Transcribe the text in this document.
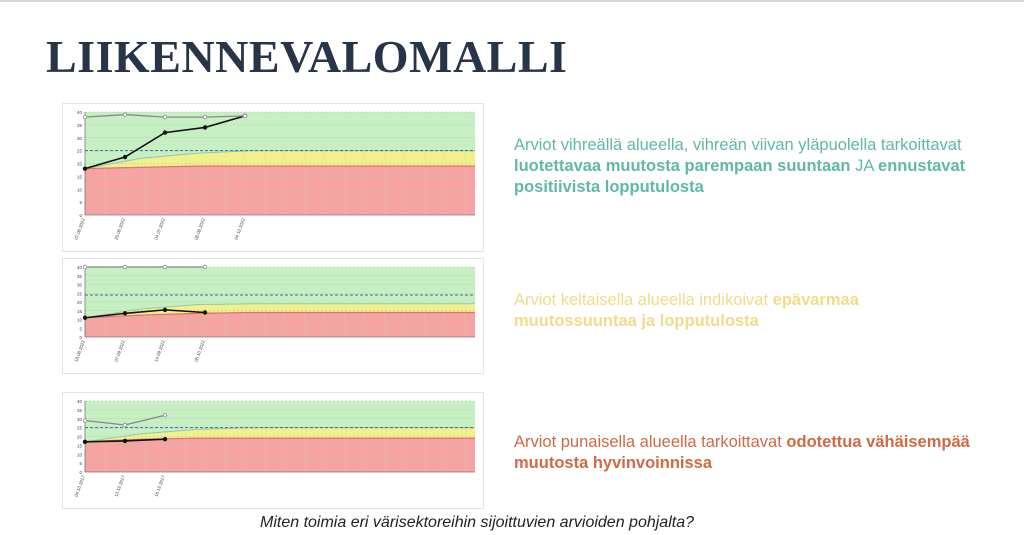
LIIKENNEVALOMALLI
0
5
10
15
20
25
30
35
40
07.06.2022	20.06.2022	04.07.2022	08.08.2022	04.10.2022
0
5
10
15
20
25
30
35
40
18.08.2022	07.09.2022	14.09.2022	05.10.2022
0
5
10
15
20
25
30
35
40
04.10.2017	13.12.2017	16.12.2017

Arviot vihreällä alueella, vihreän viivan yläpuolella tarkoittavat luotettavaa muutosta parempaan suuntaan JA ennustavat positiivista lopputulosta

Arviot keltaisella alueella indikoivat epävarmaa muutossuuntaa ja lopputulosta

Arviot punaisella alueella tarkoittavat odotettua vähäisempää muutosta hyvinvoinnissa

Miten toimia eri värisektoreihin sijoittuvien arvioiden pohjalta?
